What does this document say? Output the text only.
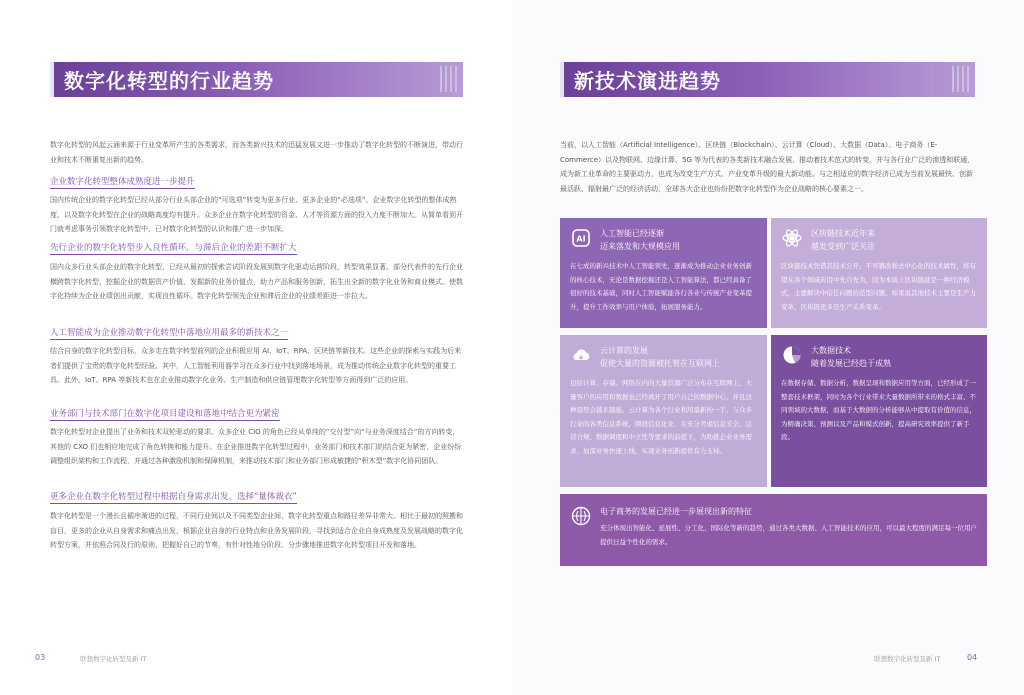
数字化转型的行业趋势

数字化转型的风起云涌来源于行业变革所产生的各类需求，而各类新兴技术的迅猛发展又进一步推动了数字化转型的不断演进，带动行业和技术不断重复出新的趋势。

企业数字化转型整体成熟度进一步提升

国内传统企业的数字化转型已经从部分行业头部企业的“可选项”转变为更多行业、更多企业的“必选项”。企业数字化转型的整体成熟度、以及数字化转型在企业的战略高度均有提升。众多企业在数字化转型的资金、人才等资源方面的投入力度不断加大。从简单看到开门就考虑事务引领数字化转型中，已对数字化转型的认识和推广进一步加深。

先行企业的数字化转型步入良性循环，与滞后企业的差距不断扩大

国内众多行业头部企业的数字化转型，已经从最初的探索尝试阶段发展到数字化驱动运营阶段，转型效果显著。部分代表件的先行企业横跨数字化转型，挖掘企业的数据资产价值，发掘新的业务价值点，助力产品和服务创新，拓生出全新的数字化业务和商业模式。使数字化持续为企业业绩创出贡献，实现良性循环。数字化转型领先企业和滞后企业的业绩差距进一步拉大。

人工智能成为企业推动数字化转型中落地应用最多的新技术之一

结合自身的数字化转型目标，众多走在数字转型前列的企业积极应用 AI、IoT、RPA、区块链等新技术。这些企业的探索与实践为后来者们提供了宝贵的数字化转型经验。其中，人工智能利用器学习在众多行业中找到落地场景，成为推动传统企业数字化转型的重要工具。此外，IoT、RPA 等新技术也在企业推动数字化业务、生产制造和供应链管理数字化转型等方面得到广泛的应用。

业务部门与技术部门在数字化项目建设和落地中结合更为紧密

数字化转型对企业提出了业务和技术双轮驱动的要求。众多企业 CIO 的角色已经从单纯的“交付型”向“与业务深度结合”的方向转变，其他的 CXO 们也相应地完成了角色转换和能力提升。在企业推进数字化转型过程中，业务部门和技术部门的结合更为紧密，企业纷纷调整组织架构和工作流程，并通过各种激励机制和保障机制，来推动技术部门和业务部门形成敏捷的“积木型”数字化协同团队。

更多企业在数字化转型过程中根据自身需求出发，选择“量体裁衣”

数字化转型是一个漫长且循序渐进的过程，不同行业间以及不同类型企业间，数字化转型重点和路径差异非常大。相比于最初的照搬和盲目，更多的企业从自身需求和痛点出发，根据企业自身的行业特点和业务发展阶段，寻找到适合企业自身成熟度及发展战略的数字化转型方案，并依照合同及行的原则，把握好自己的节奏，有针对性地分阶段、分步骤地推进数字化转型项目开发和落地。

03	联想数字化转型及新 IT
新技术演进趋势

当前，以人工智能（Artificial Intelligence）、区块链（Blockchain）、云计算（Cloud）、大数据（Data）、电子商务（E-Commerce）以及物联网、边缘计算、5G 等为代表的各类新技术融合发展，推动着技术范式的转变，并与各行业广泛的渗透和联通，成为新工业革命的主要驱动力，也成为改变生产方式、产业变革升级的最大新动能。与之相适应的数字经济已成为当前发展最快、创新最活跃、辐射最广泛的经济活动，全球各大企业也纷纷把数字化转型作为企业战略的核心要素之一。

AI
人工智能已经逐渐
迈来落发和大规模应用
在七成的新兴技术中人工智能领先，逐渐成为推动企业业务创新的核心技术，无论是数据挖掘还是人工智能算法，都已经具备了很好的技术基础，同时人工智能赋能各行各业与传统产业变革提升，提升工作效率与用户体验，拓展服务能力。
区块链技术近年来
越发受到广泛关注
区块链技术凭借其技术公开、不可篡改和去中心化的技术属性，将有望在各个领域应用中先兵先为，因为本质上区块链就是一种经济模式，主要解决中信任问题的范型问题。如果说其他技术主要是生产力变革，区块链更多是生产关系变革。
云计算的发展
促使大量的资源被托管在互联网上
包括计算、存储、网络在内的大量资源广泛分布在互联网上，大量客户的应用和数据也已经离开了用户自己的数据中心，并且这种趋势会越来越强。云计算为各个行业利用最新的一手，与众多行业的各类信息系统，围绕信息化业、在充分考虑信息安全、运营合规、数据调度和中立性等要求的前提下，为助推企业业务需求，加深业务快速上线，实现业务创新提供有力支持。
大数据技术
随着发展已经趋于成熟
在数据存储、数据分析、数据呈现和数据应用等方面，已经形成了一整套技术框架，同时为各个行业带来大量数据所带来的格式丰富、不同领域的大数据，而基于大数据的分析能够从中提取有价值的信息，为精确决策、预测以及产品和模式创新，提高研究效率提供了新手段。
电子商务的发展已经进一步展现出新的特征
充分体现出智能化、延展性、分工化、国际化等新的趋势，通过各类大数据、人工智能技术的应用，可以最大程度的满足每一位用户提供日益个性化的需求。
联想数字化转型及新 IT	04
